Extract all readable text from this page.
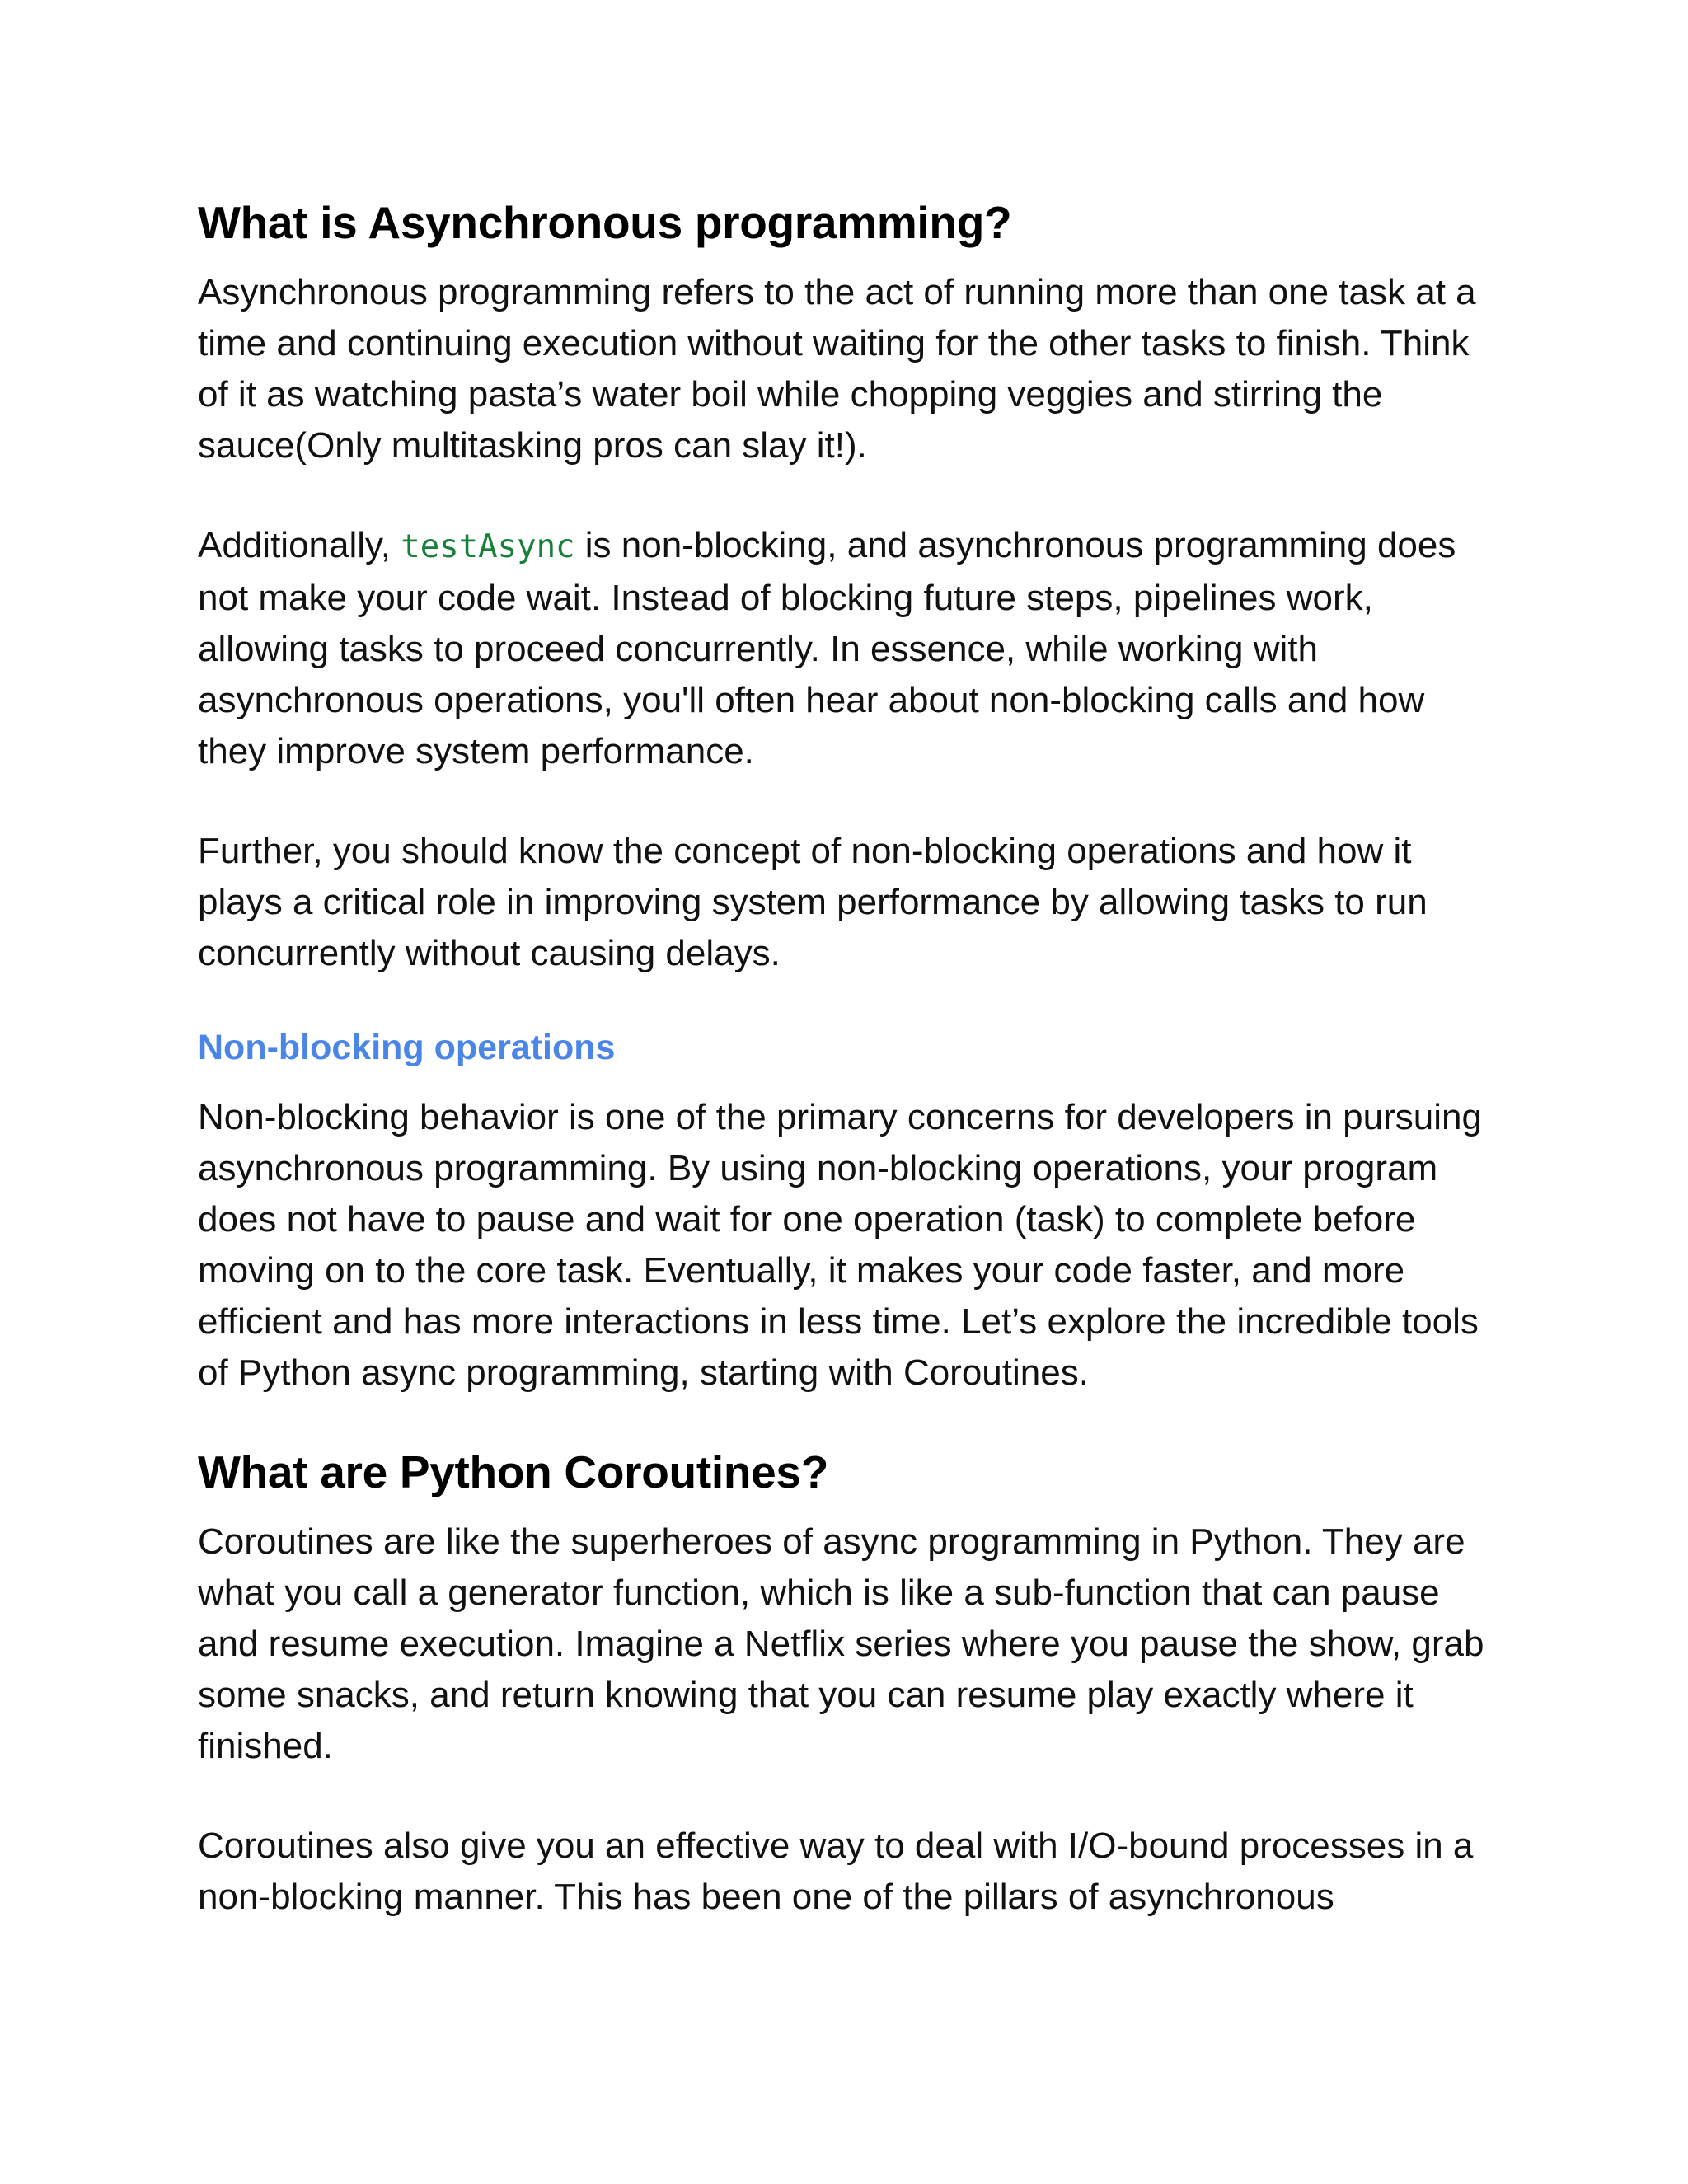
What is Asynchronous programming?

Asynchronous programming refers to the act of running more than one task at a time and continuing execution without waiting for the other tasks to finish. Think of it as watching pasta’s water boil while chopping veggies and stirring the sauce(Only multitasking pros can slay it!).

Additionally, testAsync is non-blocking, and asynchronous programming does not make your code wait. Instead of blocking future steps, pipelines work, allowing tasks to proceed concurrently. In essence, while working with asynchronous operations, you'll often hear about non-blocking calls and how they improve system performance.

Further, you should know the concept of non-blocking operations and how it plays a critical role in improving system performance by allowing tasks to run concurrently without causing delays.

Non-blocking operations

Non-blocking behavior is one of the primary concerns for developers in pursuing asynchronous programming. By using non-blocking operations, your program does not have to pause and wait for one operation (task) to complete before moving on to the core task. Eventually, it makes your code faster, and more efficient and has more interactions in less time. Let’s explore the incredible tools of Python async programming, starting with Coroutines.

What are Python Coroutines?

Coroutines are like the superheroes of async programming in Python. They are what you call a generator function, which is like a sub-function that can pause and resume execution. Imagine a Netflix series where you pause the show, grab some snacks, and return knowing that you can resume play exactly where it finished.

Coroutines also give you an effective way to deal with I/O-bound processes in a non-blocking manner. This has been one of the pillars of asynchronous
